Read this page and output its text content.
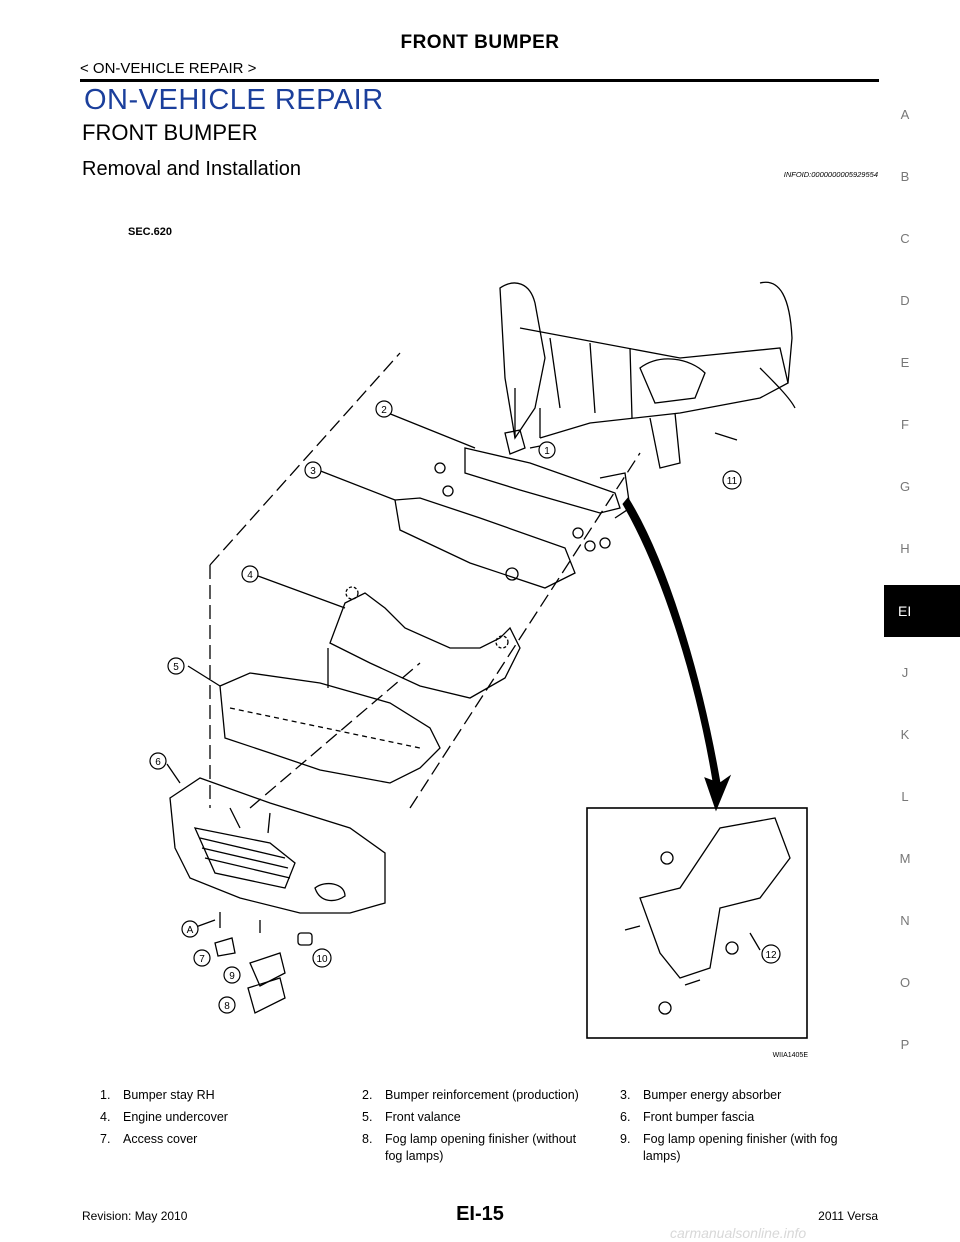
FRONT BUMPER
< ON-VEHICLE REPAIR >
ON-VEHICLE REPAIR
FRONT BUMPER
Removal and Installation	INFOID:0000000005929554
A
B
C
D
E
F
G
H
EI
J
K
L
M
N
O
P
1
2
3
4
5
6
7
8
9
10
11
12
A
SEC.620
WIIA1405E
1.	Bumper stay RH	2.	Bumper reinforcement (production)	3.	Bumper energy absorber
4.	Engine undercover	5.	Front valance	6.	Front bumper fascia
7.	Access cover	8.	Fog lamp opening finisher (without fog lamps)
9.	Fog lamp opening finisher (with fog lamps)
Revision: May 2010	EI-15	2011 Versa
carmanualsonline.info
